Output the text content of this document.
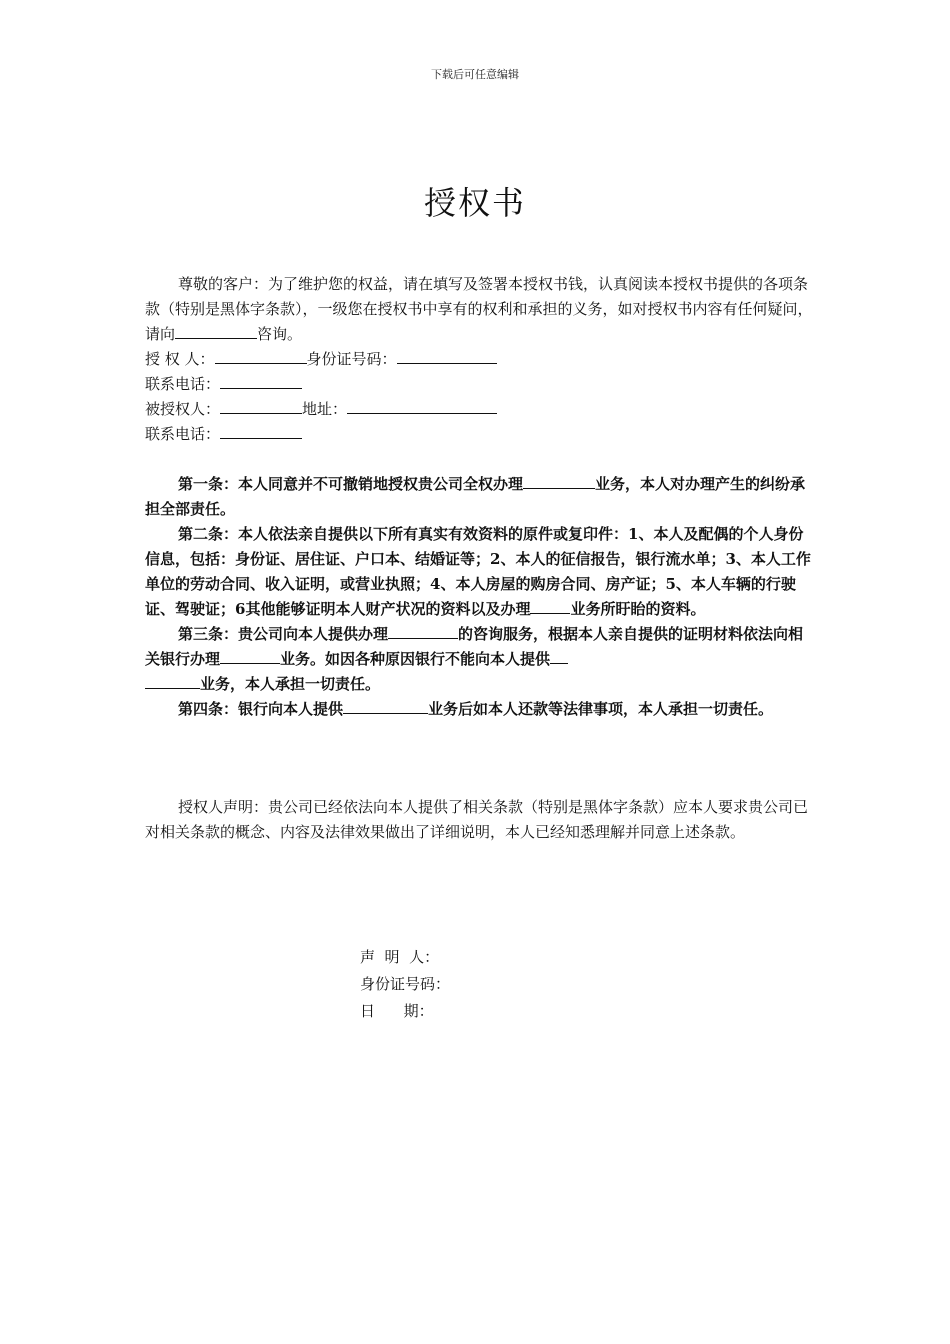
下载后可任意编辑
授权书

尊敬的客户：为了维护您的权益，请在填写及签署本授权书钱，认真阅读本授权书提供的各项条款（特别是黑体字条款），一级您在授权书中享有的权利和承担的义务，如对授权书内容有任何疑问，请向	咨询。

授 权 人：	身份证号码：

联系电话：

被授权人：	地址：

联系电话：

第一条：本人同意并不可撤销地授权贵公司全权办理	业务，本人对办理产生的纠纷承担全部责任。

第二条：本人依法亲自提供以下所有真实有效资料的原件或复印件：1、本人及配偶的个人身份信息，包括：身份证、居住证、户口本、结婚证等；2、本人的征信报告，银行流水单；3、本人工作单位的劳动合同、收入证明，或营业执照；4、本人房屋的购房合同、房产证；5、本人车辆的行驶证、驾驶证；6其他能够证明本人财产状况的资料以及办理	业务所盱眙的资料。

第三条：贵公司向本人提供办理	的咨询服务，根据本人亲自提供的证明材料依法向相关银行办理	业务。如因各种原因银行不能向本人提供
业务，本人承担一切责任。

第四条：银行向本人提供	业务后如本人还款等法律事项，本人承担一切责任。

授权人声明：贵公司已经依法向本人提供了相关条款（特别是黑体字条款）应本人要求贵公司已对相关条款的概念、内容及法律效果做出了详细说明，本人已经知悉理解并同意上述条款。

声  明  人：
身份证号码：
日      期：
